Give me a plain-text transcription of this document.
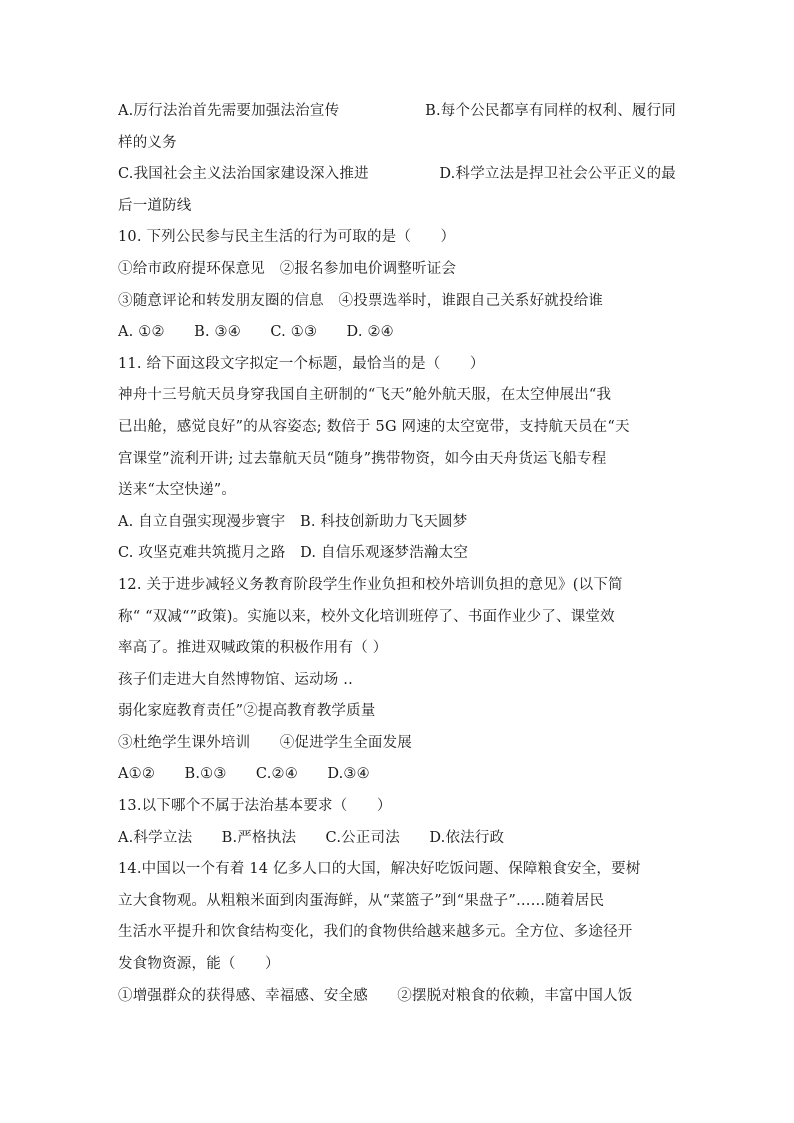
A.厉行法治首先需要加强法治宣传	B.每个公民都享有同样的权利、履行同
样的义务
C.我国社会主义法治国家建设深入推进	D.科学立法是捍卫社会公平正义的最
后一道防线
10. 下列公民参与民主生活的行为可取的是（　　）
①给市政府提环保意见　②报名参加电价调整听证会
③随意评论和转发朋友圈的信息　④投票选举时，谁跟自己关系好就投给谁
A. ①②　　B. ③④　　C. ①③　　D. ②④
11. 给下面这段文字拟定一个标题，最恰当的是（　　）
神舟十三号航天员身穿我国自主研制的“飞天”舱外航天服，在太空伸展出“我
已出舱，感觉良好”的从容姿态; 数倍于 5G 网速的太空宽带，支持航天员在“天
宫课堂”流利开讲; 过去靠航天员“随身”携带物资，如今由天舟货运飞船专程
送来“太空快递”。
A. 自立自强实现漫步寰宇　B. 科技创新助力飞天圆梦
C. 攻坚克难共筑揽月之路　D. 自信乐观逐梦浩瀚太空
12. 关于进步减轻义务教育阶段学生作业负担和校外培训负担的意见》(以下简
称“ “双减“”政策)。实施以来，校外文化培训班停了、书面作业少了、课堂效
率高了。推进双喊政策的积极作用有（ ）
孩子们走进大自然博物馆、运动场 ..
弱化家庭教育责任”②提高教育教学质量
③杜绝学生课外培训　　④促进学生全面发展
A①②　　B.①③　　C.②④　　D.③④
13.以下哪个不属于法治基本要求（　　）
A.科学立法　　B.严格执法　　C.公正司法　　D.依法行政
14.中国以一个有着 14 亿多人口的大国，解决好吃饭问题、保障粮食安全，要树
立大食物观。从粗粮米面到肉蛋海鲜，从“菜篮子”到“果盘子”……随着居民
生活水平提升和饮食结构变化，我们的食物供给越来越多元。全方位、多途径开
发食物资源，能（　　）
①增强群众的获得感、幸福感、安全感　　②摆脱对粮食的依赖，丰富中国人饭
